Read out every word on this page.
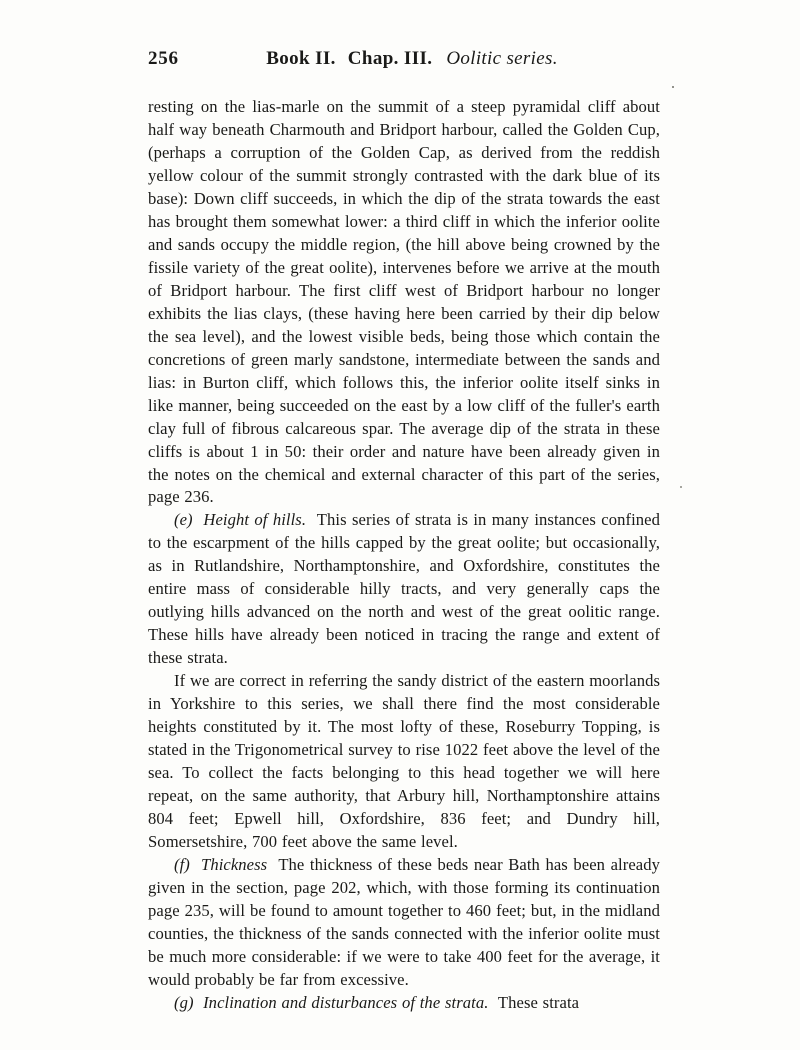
256	Book II. Chap. III. Oolitic series.

resting on the lias-marle on the summit of a steep pyramidal cliff about half way beneath Charmouth and Bridport harbour, called the Golden Cup, (perhaps a corruption of the Golden Cap, as derived from the reddish yellow colour of the summit strongly contrasted with the dark blue of its base): Down cliff succeeds, in which the dip of the strata towards the east has brought them somewhat lower: a third cliff in which the inferior oolite and sands occupy the middle region, (the hill above being crowned by the fissile variety of the great oolite), intervenes before we arrive at the mouth of Bridport harbour. The first cliff west of Bridport harbour no longer exhibits the lias clays, (these having here been carried by their dip below the sea level), and the lowest visible beds, being those which contain the concretions of green marly sandstone, intermediate between the sands and lias: in Burton cliff, which follows this, the inferior oolite itself sinks in like manner, being succeeded on the east by a low cliff of the fuller's earth clay full of fibrous calcareous spar. The average dip of the strata in these cliffs is about 1 in 50: their order and nature have been already given in the notes on the chemical and external character of this part of the series, page 236.

(e) Height of hills. This series of strata is in many instances confined to the escarpment of the hills capped by the great oolite; but occasionally, as in Rutlandshire, Northamptonshire, and Oxfordshire, constitutes the entire mass of considerable hilly tracts, and very generally caps the outlying hills advanced on the north and west of the great oolitic range. These hills have already been noticed in tracing the range and extent of these strata.

If we are correct in referring the sandy district of the eastern moorlands in Yorkshire to this series, we shall there find the most considerable heights constituted by it. The most lofty of these, Roseburry Topping, is stated in the Trigonometrical survey to rise 1022 feet above the level of the sea. To collect the facts belonging to this head together we will here repeat, on the same authority, that Arbury hill, Northamptonshire attains 804 feet; Epwell hill, Oxfordshire, 836 feet; and Dundry hill, Somersetshire, 700 feet above the same level.

(f) Thickness The thickness of these beds near Bath has been already given in the section, page 202, which, with those forming its continuation page 235, will be found to amount together to 460 feet; but, in the midland counties, the thickness of the sands connected with the inferior oolite must be much more considerable: if we were to take 400 feet for the average, it would probably be far from excessive.

(g) Inclination and disturbances of the strata. These strata
